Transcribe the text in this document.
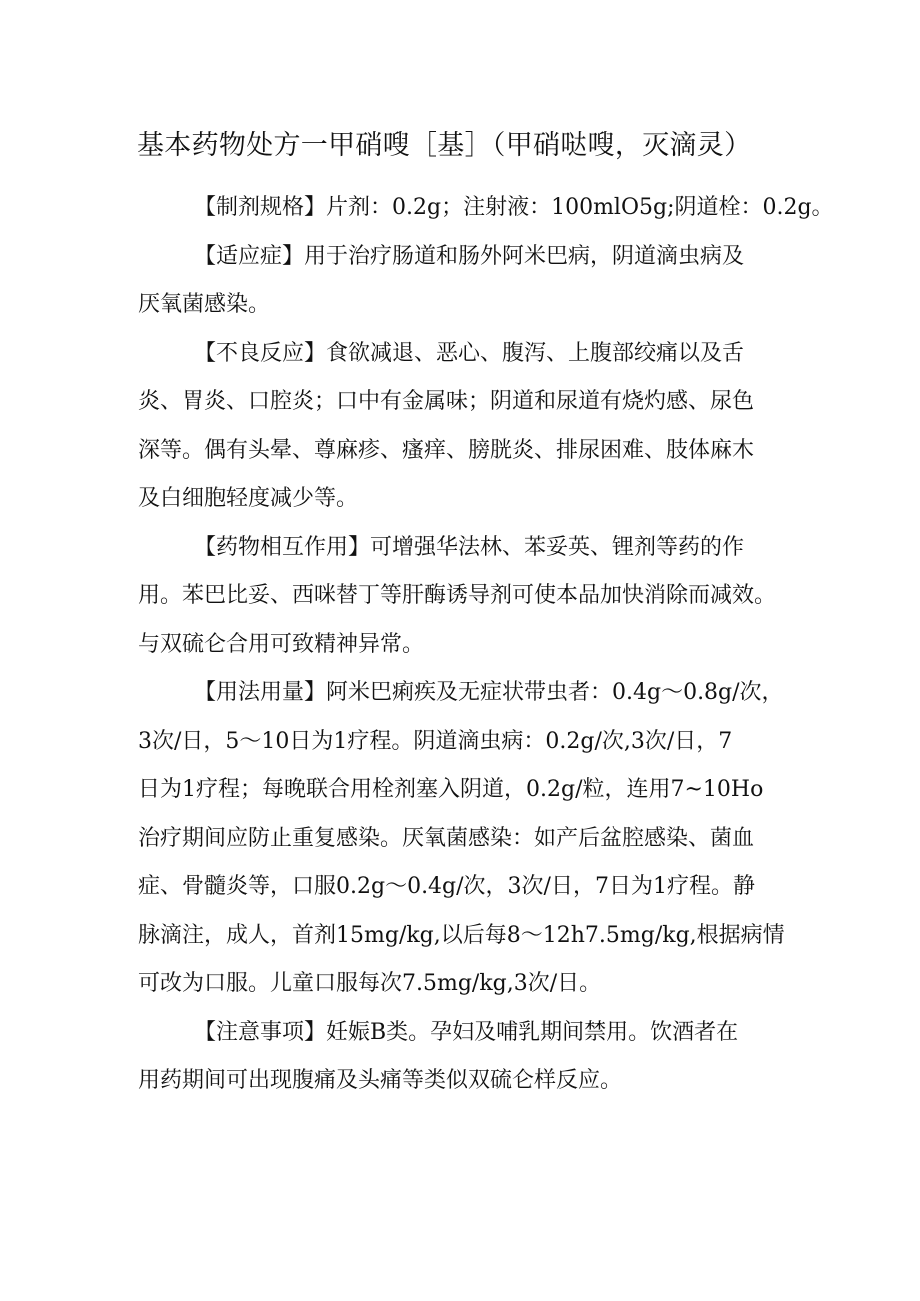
基本药物处方一甲硝嗖［基］（甲硝哒嗖，灭滴灵）

【制剂规格】片剂：0.2g；注射液：100mlO5g;阴道栓：0.2g。

【适应症】用于治疗肠道和肠外阿米巴病，阴道滴虫病及
厌氧菌感染。

【不良反应】食欲减退、恶心、腹泻、上腹部绞痛以及舌
炎、胃炎、口腔炎；口中有金属味；阴道和尿道有烧灼感、尿色
深等。偶有头晕、尊麻疹、瘙痒、膀胱炎、排尿困难、肢体麻木
及白细胞轻度减少等。

【药物相互作用】可增强华法林、苯妥英、锂剂等药的作
用。苯巴比妥、西咪替丁等肝酶诱导剂可使本品加快消除而减效。
与双硫仑合用可致精神异常。

【用法用量】阿米巴痢疾及无症状带虫者：0.4g～0.8g/次，
3次/日，5～10日为1疗程。阴道滴虫病：0.2g/次,3次/日，7
日为1疗程；每晚联合用栓剂塞入阴道，0.2g/粒，连用7~10Ho
治疗期间应防止重复感染。厌氧菌感染：如产后盆腔感染、菌血
症、骨髓炎等，口服0.2g～0.4g/次，3次/日，7日为1疗程。静
脉滴注，成人，首剂15mg/kg,以后每8～12h7.5mg/kg,根据病情
可改为口服。儿童口服每次7.5mg/kg,3次/日。

【注意事项】妊娠B类。孕妇及哺乳期间禁用。饮酒者在
用药期间可出现腹痛及头痛等类似双硫仑样反应。
